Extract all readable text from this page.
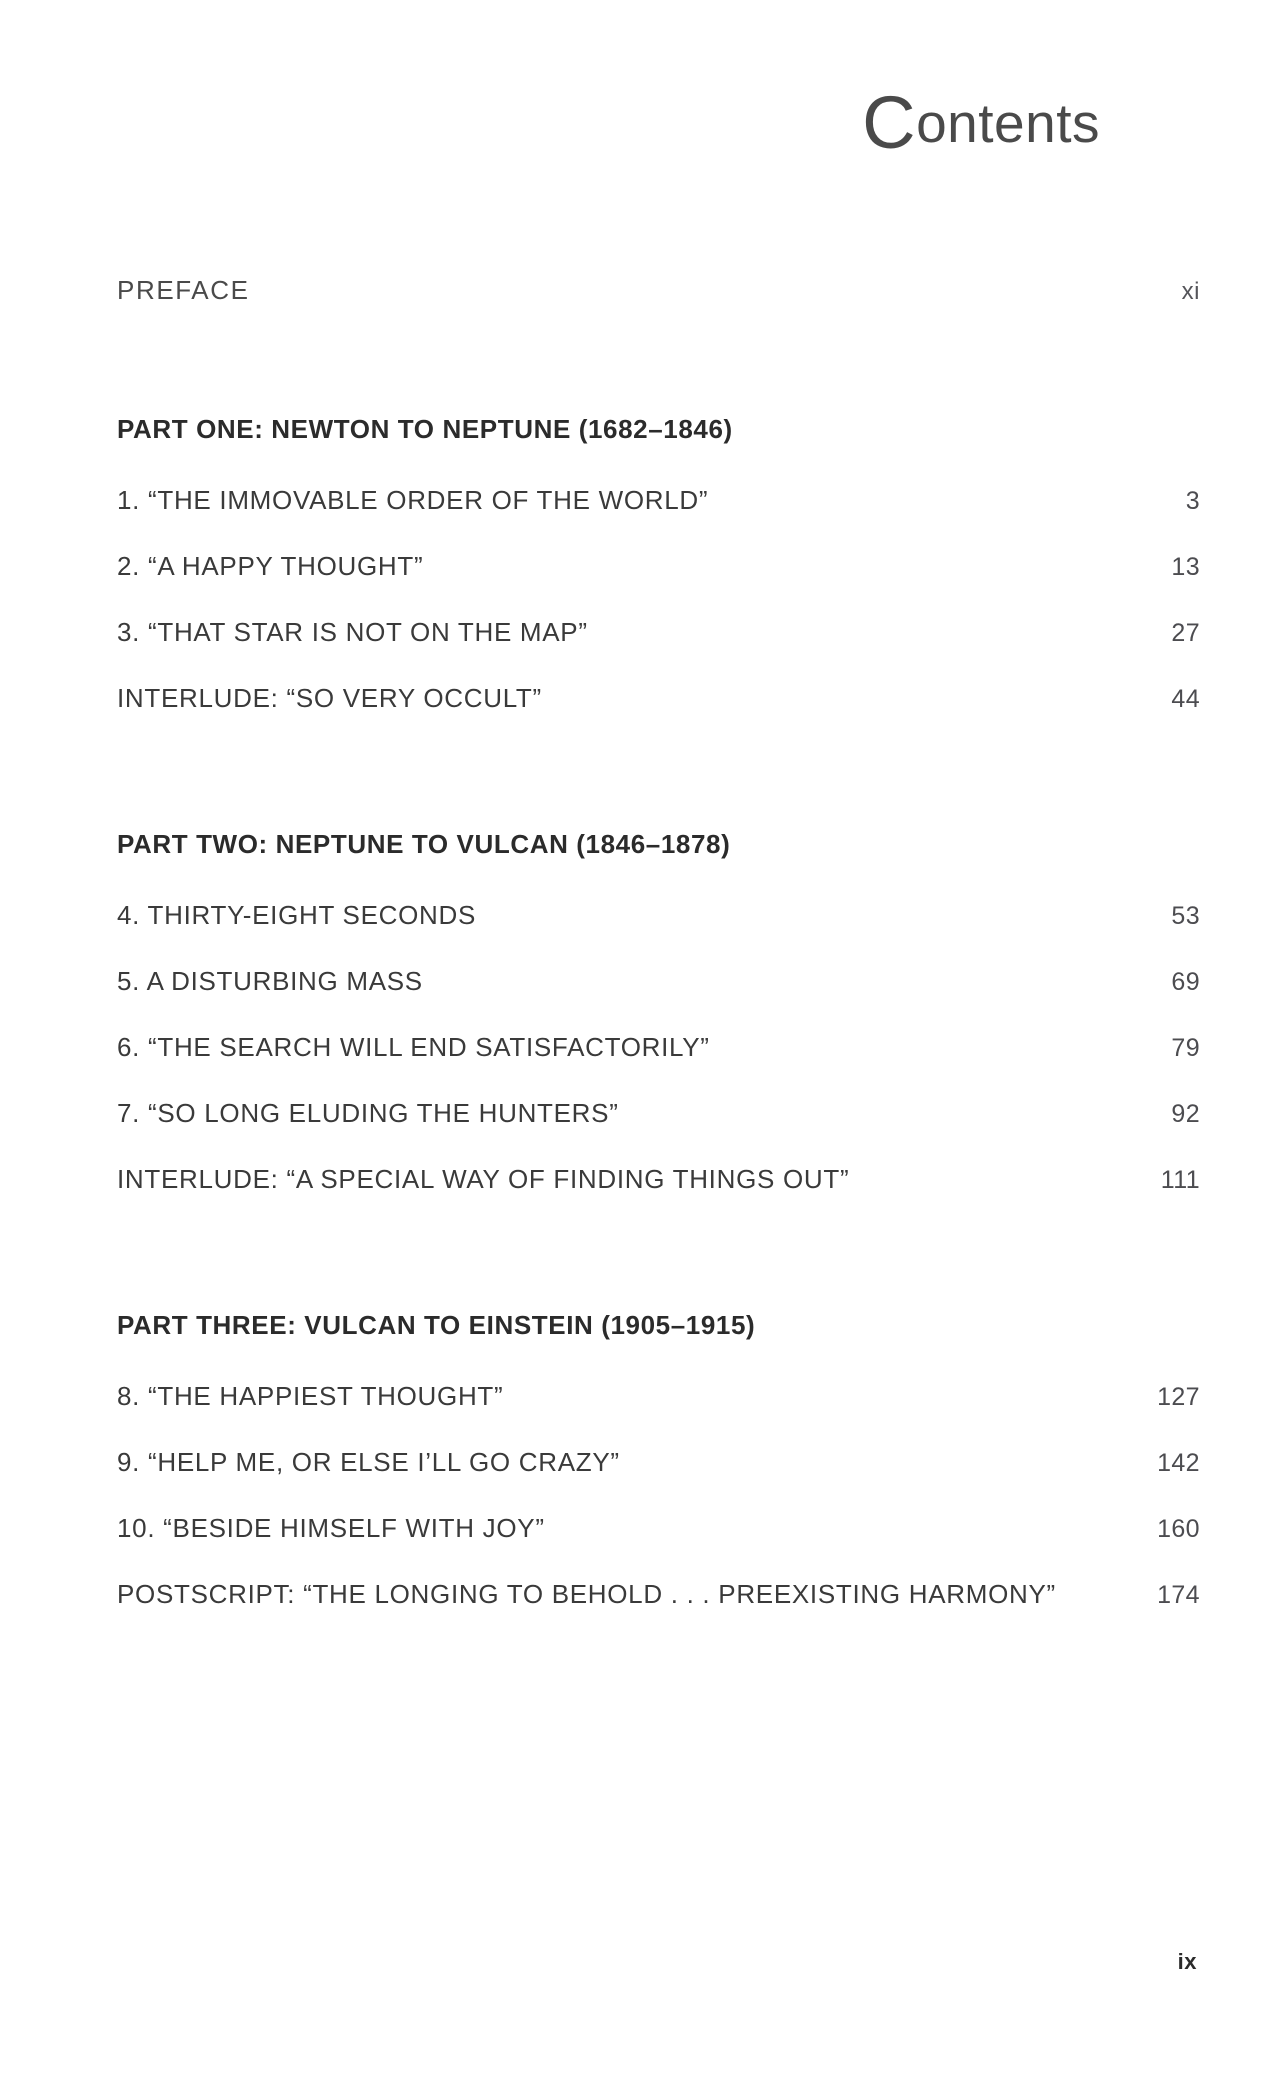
Contents
PREFACE	xi
PART ONE: NEWTON TO NEPTUNE (1682–1846)
1. “THE IMMOVABLE ORDER OF THE WORLD”	3
2. “A HAPPY THOUGHT”	13
3. “THAT STAR IS NOT ON THE MAP”	27
INTERLUDE: “SO VERY OCCULT”	44
PART TWO: NEPTUNE TO VULCAN (1846–1878)
4. THIRTY-EIGHT SECONDS	53
5. A DISTURBING MASS	69
6. “THE SEARCH WILL END SATISFACTORILY”	79
7. “SO LONG ELUDING THE HUNTERS”	92
INTERLUDE: “A SPECIAL WAY OF FINDING THINGS OUT”	111
PART THREE: VULCAN TO EINSTEIN (1905–1915)
8. “THE HAPPIEST THOUGHT”	127
9. “HELP ME, OR ELSE I’LL GO CRAZY”	142
10. “BESIDE HIMSELF WITH JOY”	160
POSTSCRIPT: “THE LONGING TO BEHOLD . . . PREEXISTING HARMONY”	174
ix
